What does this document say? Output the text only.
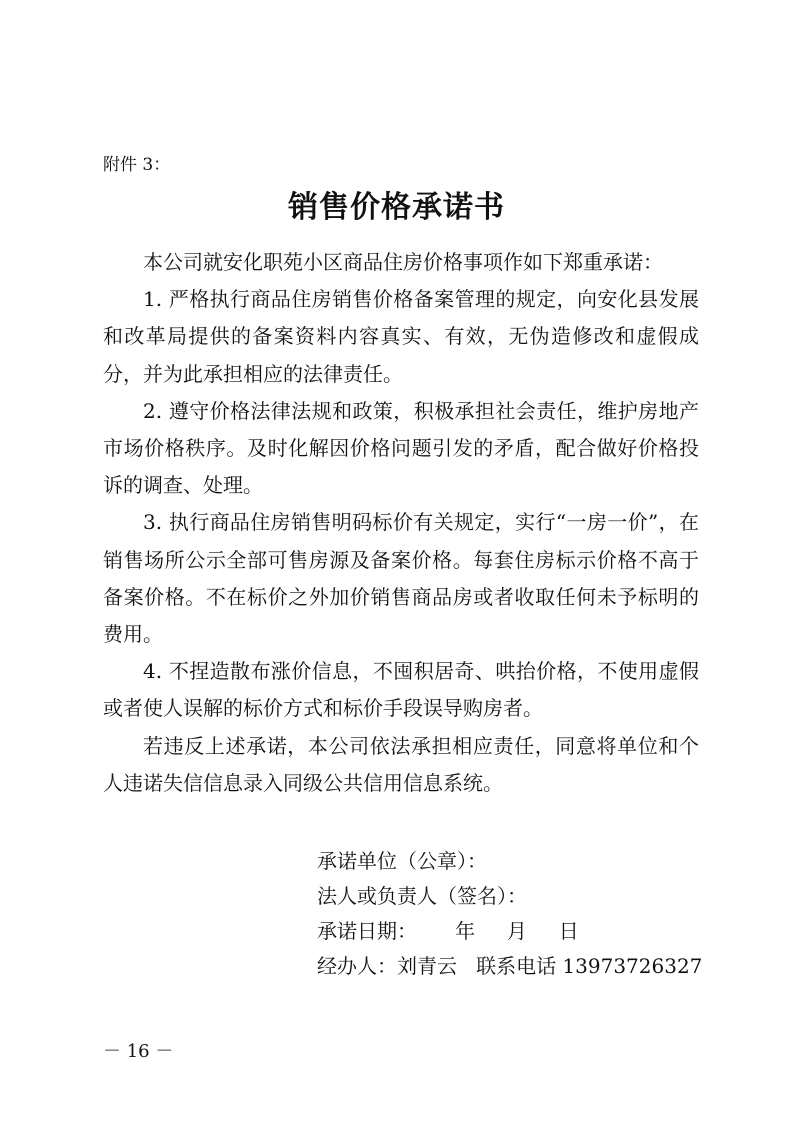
附件 3：
销售价格承诺书

本公司就安化职苑小区商品住房价格事项作如下郑重承诺：

1. 严格执行商品住房销售价格备案管理的规定，向安化县发展和改革局提供的备案资料内容真实、有效，无伪造修改和虚假成分，并为此承担相应的法律责任。

2. 遵守价格法律法规和政策，积极承担社会责任，维护房地产市场价格秩序。及时化解因价格问题引发的矛盾，配合做好价格投诉的调查、处理。

3. 执行商品住房销售明码标价有关规定，实行“一房一价”，在销售场所公示全部可售房源及备案价格。每套住房标示价格不高于备案价格。不在标价之外加价销售商品房或者收取任何未予标明的费用。

4. 不捏造散布涨价信息，不囤积居奇、哄抬价格，不使用虚假或者使人误解的标价方式和标价手段误导购房者。

若违反上述承诺，本公司依法承担相应责任，同意将单位和个人违诺失信信息录入同级公共信用信息系统。

承诺单位（公章）：
法人或负责人（签名）：
承诺日期：      年     月     日
经办人：刘青云   联系电话 13973726327
－ 16 －
